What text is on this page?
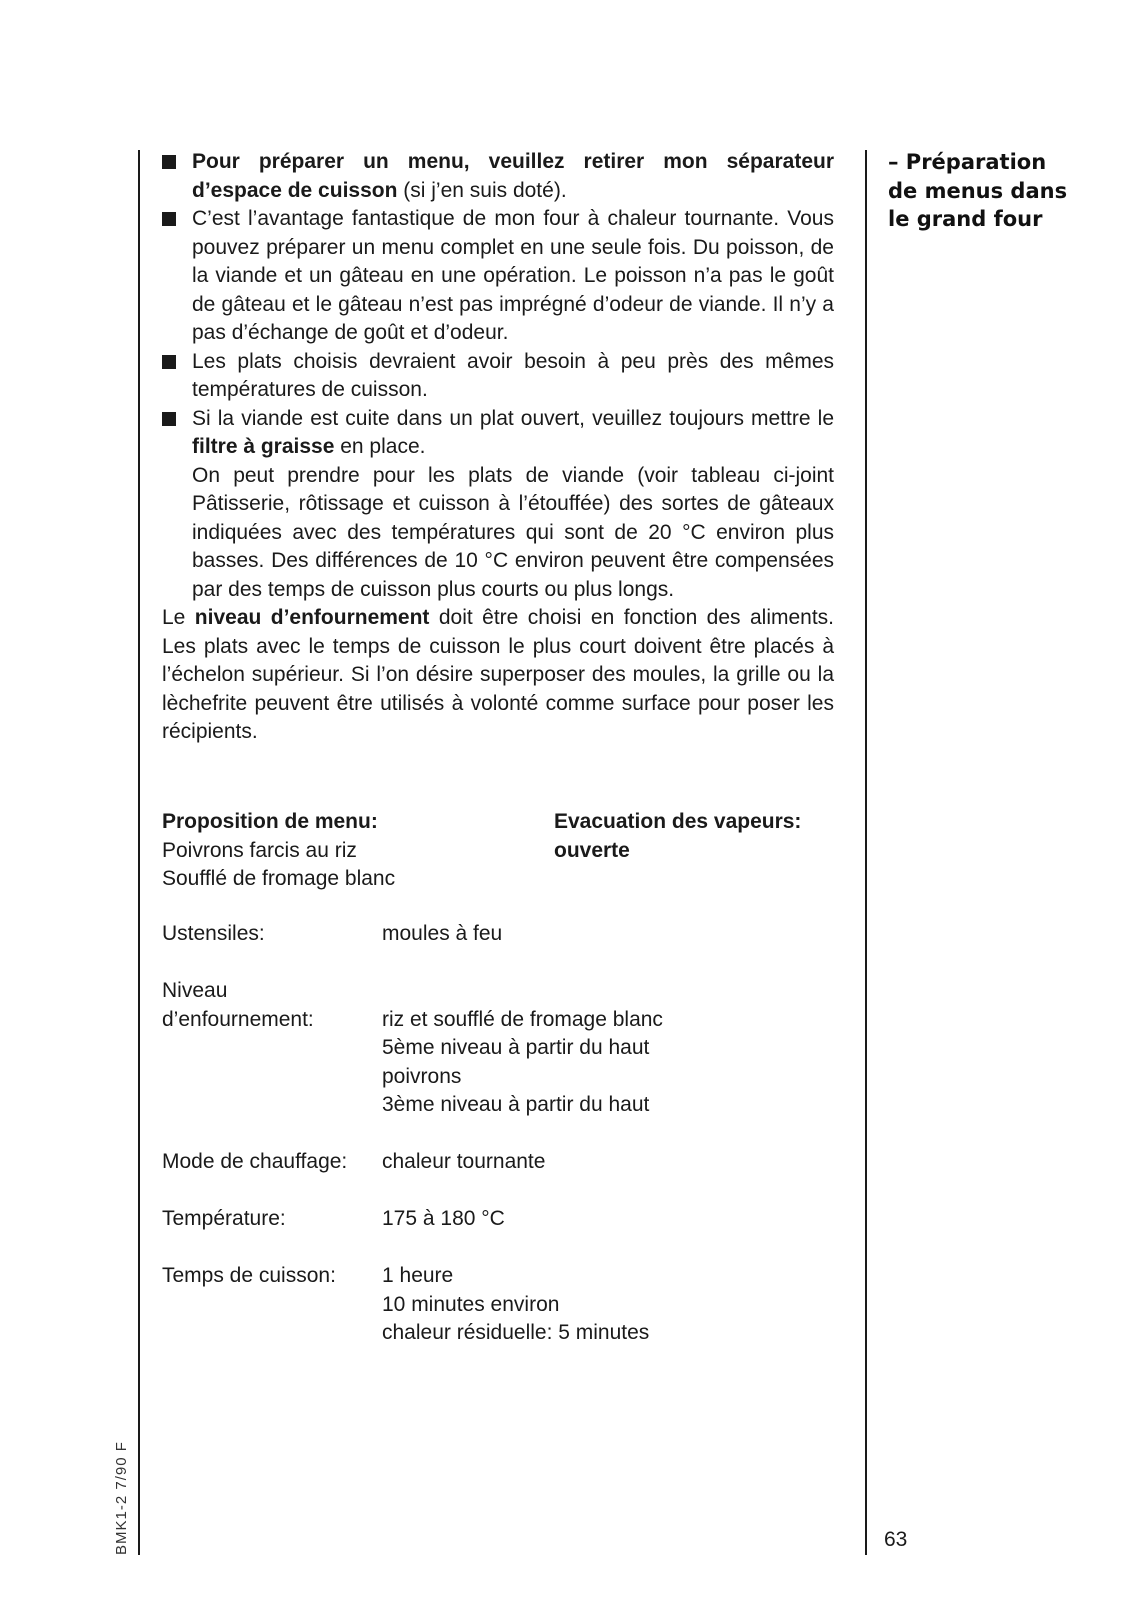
– Préparation
de menus dans
le grand four
Pour préparer un menu, veuillez retirer mon séparateur d’espace de cuisson (si j’en suis doté).
C’est l’avantage fantastique de mon four à chaleur tournante. Vous pouvez préparer un menu complet en une seule fois. Du poisson, de la viande et un gâteau en une opération. Le poisson n’a pas le goût de gâteau et le gâteau n’est pas imprégné d’odeur de viande. Il n’y a pas d’échange de goût et d’odeur.
Les plats choisis devraient avoir besoin à peu près des mêmes températures de cuisson.
Si la viande est cuite dans un plat ouvert, veuillez toujours mettre le filtre à graisse en place.
On peut prendre pour les plats de viande (voir tableau ci-joint Pâtisserie, rôtissage et cuisson à l’étouffée) des sortes de gâteaux indiquées avec des températures qui sont de 20 °C environ plus basses. Des différences de 10 °C environ peuvent être compensées par des temps de cuisson plus courts ou plus longs.
Le niveau d’enfournement doit être choisi en fonction des aliments. Les plats avec le temps de cuisson le plus court doivent être placés à l’échelon supérieur. Si l’on désire superposer des moules, la grille ou la lèchefrite peuvent être utilisés à volonté comme surface pour poser les récipients.
Proposition de menu:
Poivrons farcis au riz
Soufflé de fromage blanc
Evacuation des vapeurs:
ouverte
Ustensiles:	moules à feu
Niveau
d’enfournement:	riz et soufflé de fromage blanc
5ème niveau à partir du haut
poivrons
3ème niveau à partir du haut
Mode de chauffage:	chaleur tournante
Température:	175 à 180 °C
Temps de cuisson:	1 heure
10 minutes environ
chaleur résiduelle: 5 minutes
BMK1-2 7/90 F	63
